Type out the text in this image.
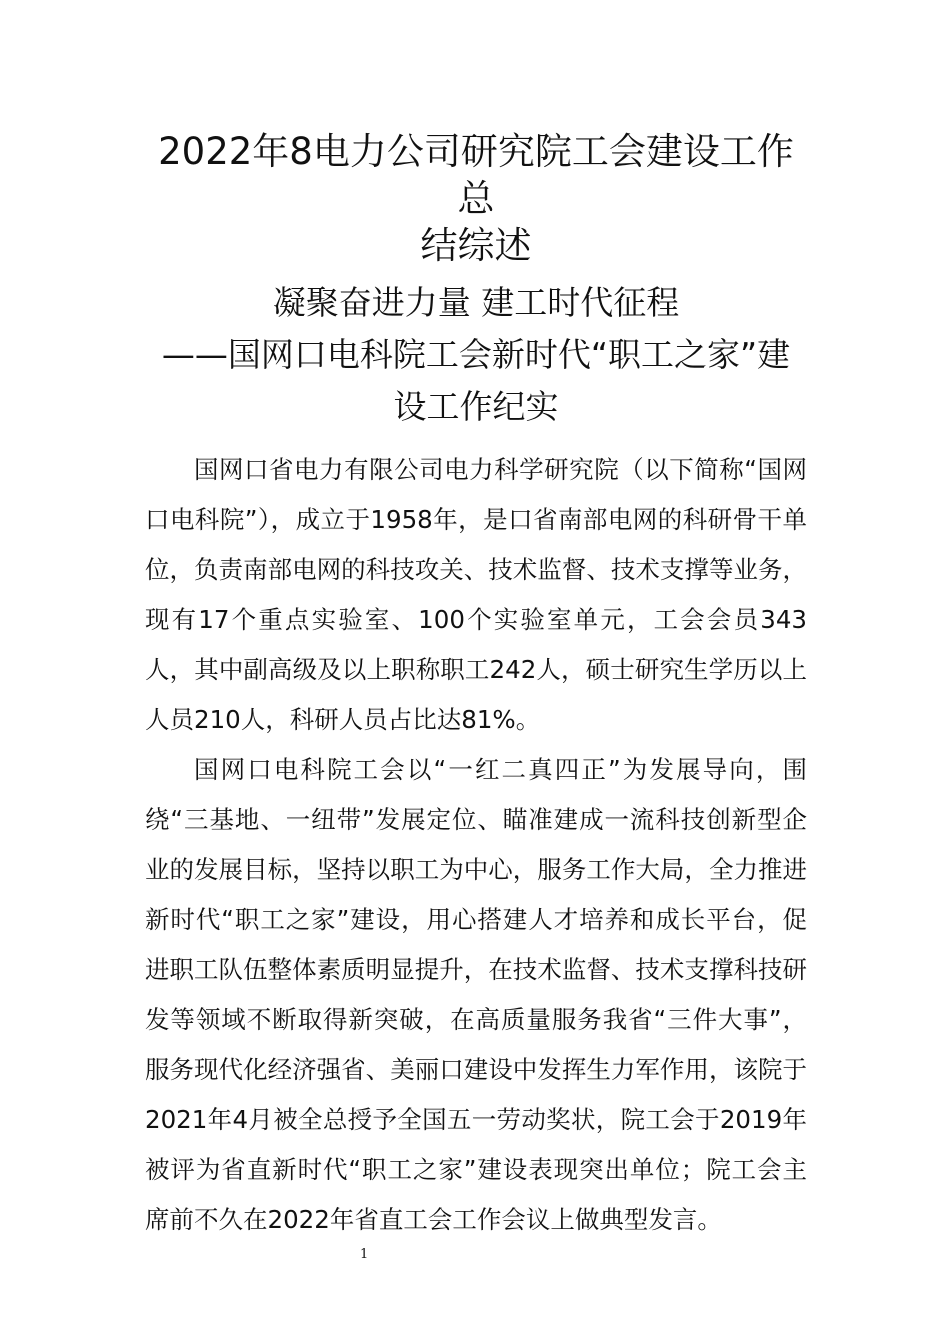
2022年8电力公司研究院工会建设工作总
结综述
凝聚奋进力量 建工时代征程
——国网口电科院工会新时代“职工之家”建
设工作纪实

国网口省电力有限公司电力科学研究院（以下简称“国网口电科院”），成立于1958年，是口省南部电网的科研骨干单位，负责南部电网的科技攻关、技术监督、技术支撑等业务，现有17个重点实验室、100个实验室单元，工会会员343人，其中副高级及以上职称职工242人，硕士研究生学历以上人员210人，科研人员占比达81%。

国网口电科院工会以“一红二真四正”为发展导向，围绕“三基地、一纽带”发展定位、瞄准建成一流科技创新型企业的发展目标，坚持以职工为中心，服务工作大局，全力推进新时代“职工之家”建设，用心搭建人才培养和成长平台，促进职工队伍整体素质明显提升，在技术监督、技术支撑科技研发等领域不断取得新突破，在高质量服务我省“三件大事”，服务现代化经济强省、美丽口建设中发挥生力军作用，该院于2021年4月被全总授予全国五一劳动奖状，院工会于2019年被评为省直新时代“职工之家”建设表现突出单位；院工会主席前不久在2022年省直工会工作会议上做典型发言。

1
